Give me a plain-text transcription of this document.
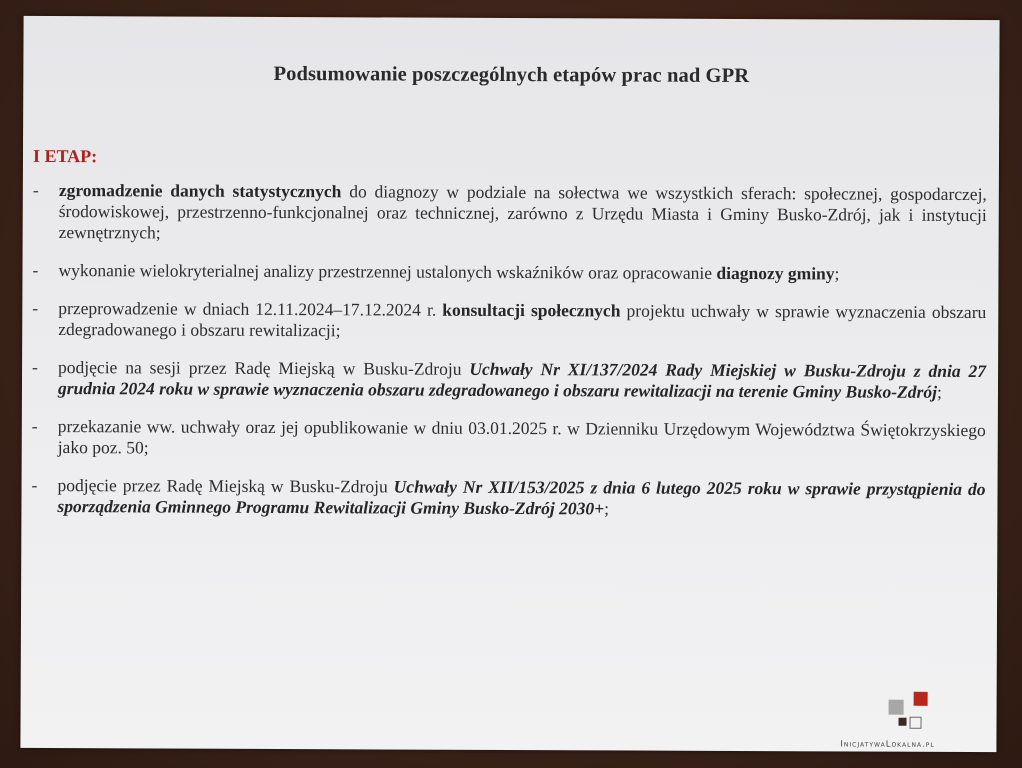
Podsumowanie poszczególnych etapów prac nad GPR
I ETAP:
- zgromadzenie danych statystycznych do diagnozy w podziale na sołectwa we wszystkich sferach: społecznej, gospodarczej, środowiskowej, przestrzenno-funkcjonalnej oraz technicznej, zarówno z Urzędu Miasta i Gminy Busko-Zdrój, jak i instytucji zewnętrznych;
- wykonanie wielokryterialnej analizy przestrzennej ustalonych wskaźników oraz opracowanie diagnozy gminy;
- przeprowadzenie w dniach 12.11.2024–17.12.2024 r. konsultacji społecznych projektu uchwały w sprawie wyznaczenia obszaru zdegradowanego i obszaru rewitalizacji;
- podjęcie na sesji przez Radę Miejską w Busku-Zdroju Uchwały Nr XI/137/2024 Rady Miejskiej w Busku-Zdroju z dnia 27 grudnia 2024 roku w sprawie wyznaczenia obszaru zdegradowanego i obszaru rewitalizacji na terenie Gminy Busko-Zdrój;
- przekazanie ww. uchwały oraz jej opublikowanie w dniu 03.01.2025 r. w Dzienniku Urzędowym Województwa Świętokrzyskiego jako poz. 50;
- podjęcie przez Radę Miejską w Busku-Zdroju Uchwały Nr XII/153/2025 z dnia 6 lutego 2025 roku w sprawie przystąpienia do sporządzenia Gminnego Programu Rewitalizacji Gminy Busko-Zdrój 2030+;
InicjatywaLokalna.pl
